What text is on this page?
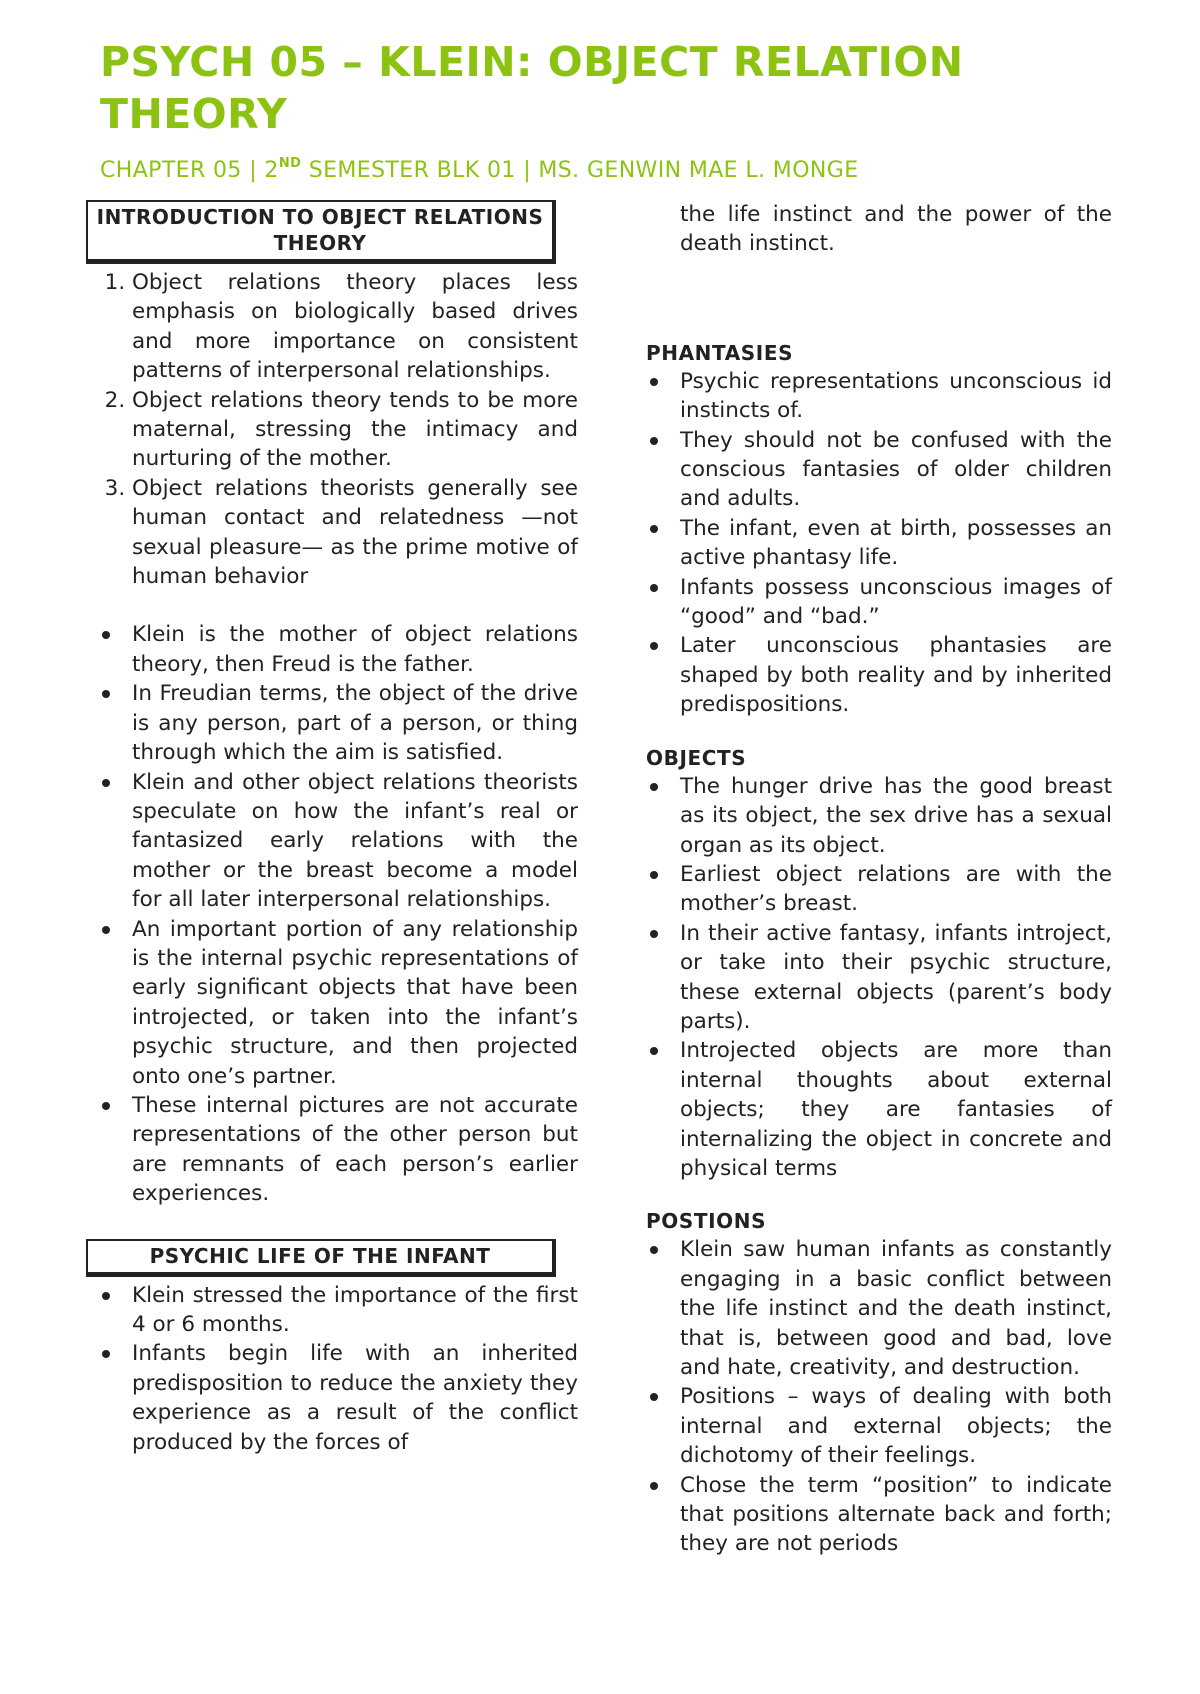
PSYCH 05 – KLEIN: OBJECT RELATION THEORY
CHAPTER 05 | 2ND SEMESTER BLK 01 | MS. GENWIN MAE L. MONGE
INTRODUCTION TO OBJECT RELATIONS THEORY
1. Object relations theory places less emphasis on biologically based drives and more importance on consistent patterns of interpersonal relationships.
2. Object relations theory tends to be more maternal, stressing the intimacy and nurturing of the mother.
3. Object relations theorists generally see human contact and relatedness —not sexual pleasure— as the prime motive of human behavior
Klein is the mother of object relations theory, then Freud is the father.
In Freudian terms, the object of the drive is any person, part of a person, or thing through which the aim is satisfied.
Klein and other object relations theorists speculate on how the infant’s real or fantasized early relations with the mother or the breast become a model for all later interpersonal relationships.
An important portion of any relationship is the internal psychic representations of early significant objects that have been introjected, or taken into the infant’s psychic structure, and then projected onto one’s partner.
These internal pictures are not accurate representations of the other person but are remnants of each person’s earlier experiences.
PSYCHIC LIFE OF THE INFANT
Klein stressed the importance of the first 4 or 6 months.
Infants begin life with an inherited predisposition to reduce the anxiety they experience as a result of the conflict produced by the forces of
the life instinct and the power of the death instinct.
PHANTASIES
Psychic representations unconscious id instincts of.
They should not be confused with the conscious fantasies of older children and adults.
The infant, even at birth, possesses an active phantasy life.
Infants possess unconscious images of “good” and “bad.”
Later unconscious phantasies are shaped by both reality and by inherited predispositions.
OBJECTS
The hunger drive has the good breast as its object, the sex drive has a sexual organ as its object.
Earliest object relations are with the mother’s breast.
In their active fantasy, infants introject, or take into their psychic structure, these external objects (parent’s body parts).
Introjected objects are more than internal thoughts about external objects; they are fantasies of internalizing the object in concrete and physical terms
POSTIONS
Klein saw human infants as constantly engaging in a basic conflict between the life instinct and the death instinct, that is, between good and bad, love and hate, creativity, and destruction.
Positions – ways of dealing with both internal and external objects; the dichotomy of their feelings.
Chose the term “position” to indicate that positions alternate back and forth; they are not periods
